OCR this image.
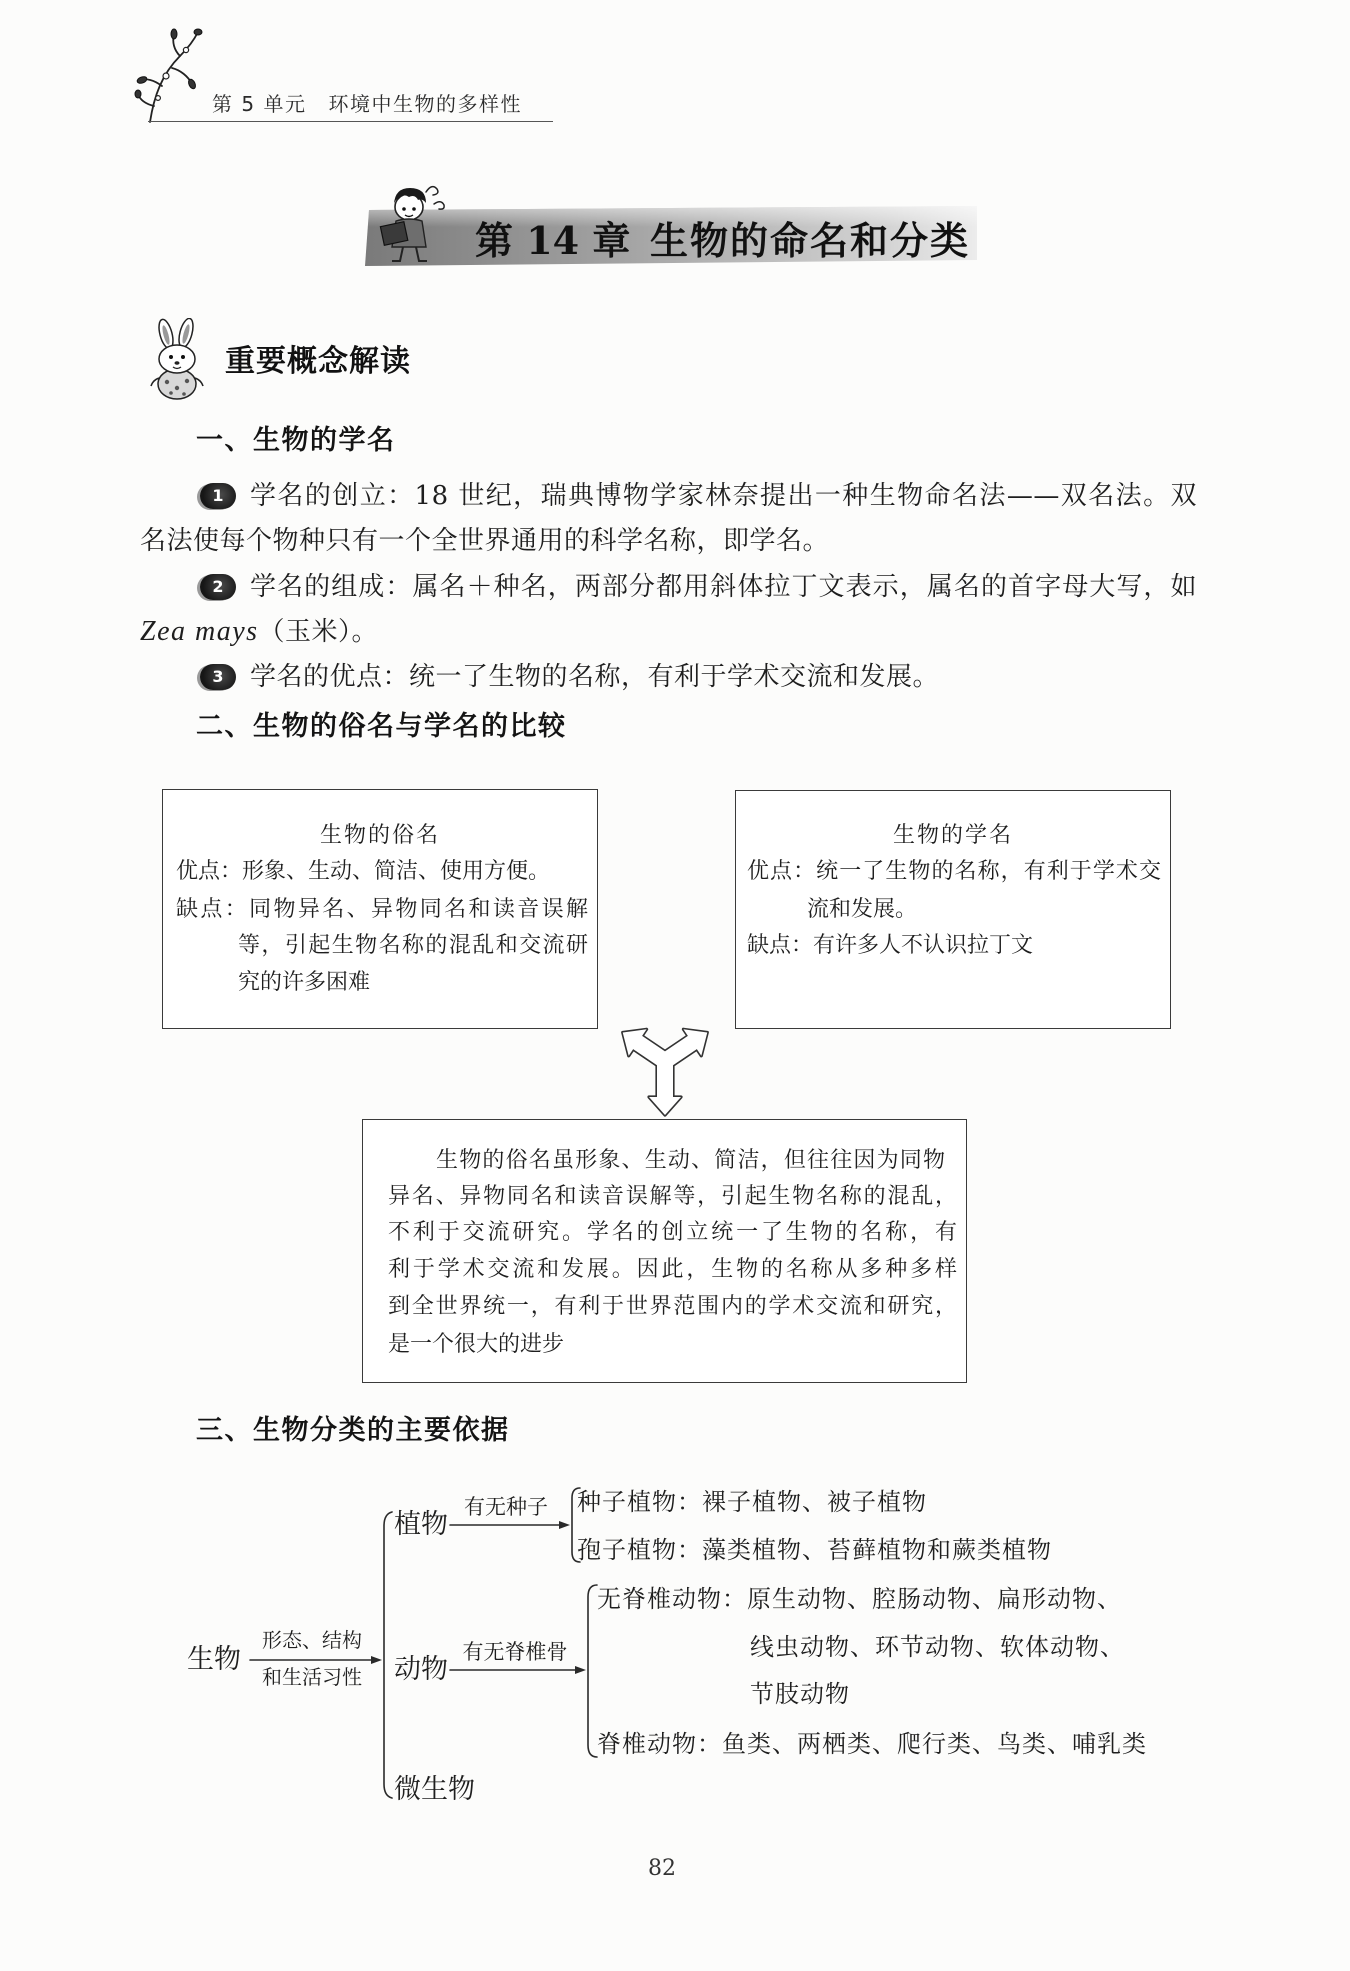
第 5 单元 环境中生物的多样性
第 14 章 生物的命名和分类
重要概念解读
一、生物的学名
1	学名的创立：18 世纪，瑞典博物学家林奈提出一种生物命名法——双名法。双
名法使每个物种只有一个全世界通用的科学名称，即学名。
2	学名的组成：属名＋种名，两部分都用斜体拉丁文表示，属名的首字母大写，如
Zea mays（玉米）。
3	学名的优点：统一了生物的名称，有利于学术交流和发展。
二、生物的俗名与学名的比较
生物的俗名
优点：形象、生动、简洁、使用方便。
缺点：同物异名、异物同名和读音误解
等，引起生物名称的混乱和交流研
究的许多困难
生物的学名
优点：统一了生物的名称，有利于学术交
流和发展。
缺点：有许多人不认识拉丁文
生物的俗名虽形象、生动、简洁，但往往因为同物
异名、异物同名和读音误解等，引起生物名称的混乱，
不利于交流研究。学名的创立统一了生物的名称，有
利于学术交流和发展。因此，生物的名称从多种多样
到全世界统一，有利于世界范围内的学术交流和研究，
是一个很大的进步
三、生物分类的主要依据
生物
形态、结构
和生活习性
植物
有无种子	种子植物：裸子植物、被子植物
孢子植物：藻类植物、苔藓植物和蕨类植物
动物
有无脊椎骨
无脊椎动物：原生动物、腔肠动物、扁形动物、
线虫动物、环节动物、软体动物、
节肢动物
脊椎动物：鱼类、两栖类、爬行类、鸟类、哺乳类
微生物
82
